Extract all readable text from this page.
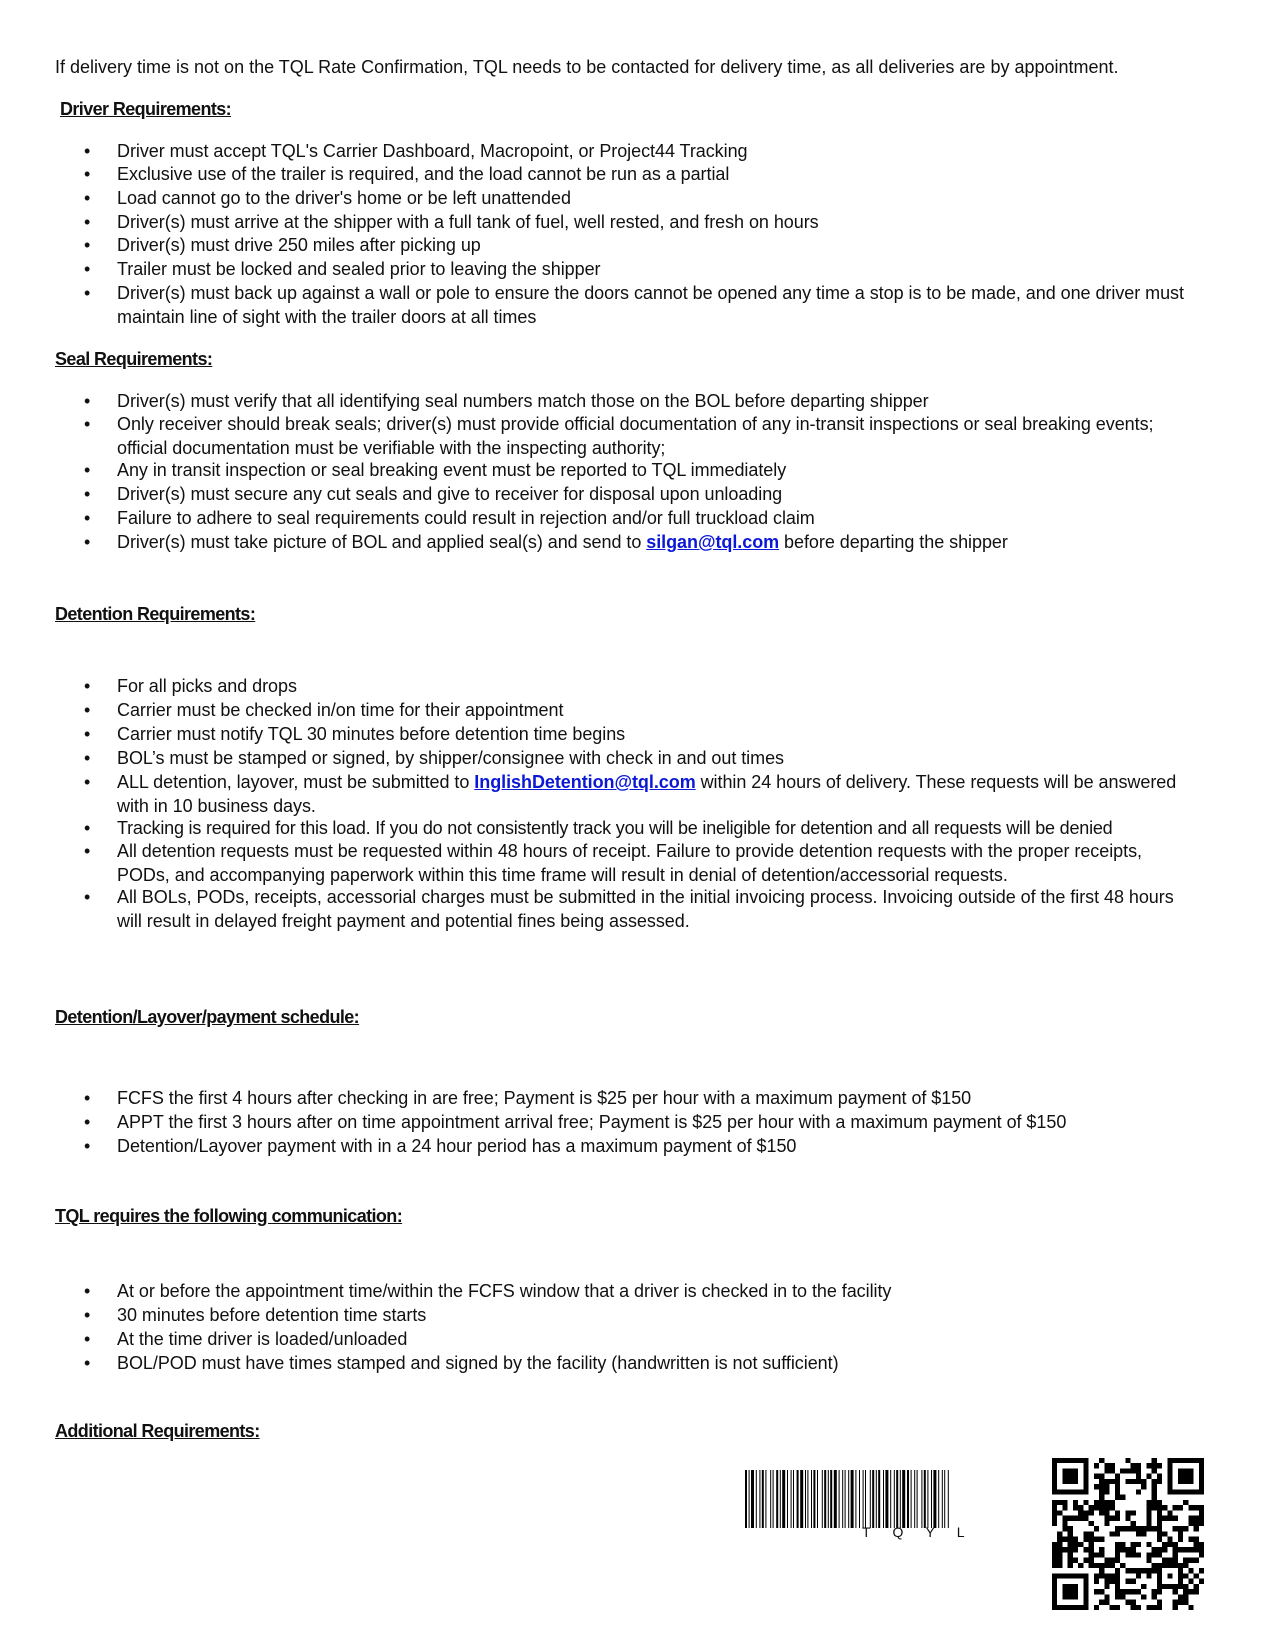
If delivery time is not on the TQL Rate Confirmation, TQL needs to be contacted for delivery time, as all deliveries are by appointment.
Driver Requirements:
• Driver must accept TQL's Carrier Dashboard, Macropoint, or Project44 Tracking
• Exclusive use of the trailer is required, and the load cannot be run as a partial
• Load cannot go to the driver's home or be left unattended
• Driver(s) must arrive at the shipper with a full tank of fuel, well rested, and fresh on hours
• Driver(s) must drive 250 miles after picking up
• Trailer must be locked and sealed prior to leaving the shipper
• Driver(s) must back up against a wall or pole to ensure the doors cannot be opened any time a stop is to be made, and one driver must maintain line of sight with the trailer doors at all times
Seal Requirements:
• Driver(s) must verify that all identifying seal numbers match those on the BOL before departing shipper
• Only receiver should break seals; driver(s) must provide official documentation of any in-transit inspections or seal breaking events; official documentation must be verifiable with the inspecting authority;
• Any in transit inspection or seal breaking event must be reported to TQL immediately
• Driver(s) must secure any cut seals and give to receiver for disposal upon unloading
• Failure to adhere to seal requirements could result in rejection and/or full truckload claim
• Driver(s) must take picture of BOL and applied seal(s) and send to silgan@tql.com before departing the shipper
Detention Requirements:
• For all picks and drops
• Carrier must be checked in/on time for their appointment
• Carrier must notify TQL 30 minutes before detention time begins
• BOL’s must be stamped or signed, by shipper/consignee with check in and out times
• ALL detention, layover, must be submitted to InglishDetention@tql.com within 24 hours of delivery. These requests will be answered with in 10 business days.
• Tracking is required for this load. If you do not consistently track you will be ineligible for detention and all requests will be denied
• All detention requests must be requested within 48 hours of receipt. Failure to provide detention requests with the proper receipts, PODs, and accompanying paperwork within this time frame will result in denial of detention/accessorial requests.
• All BOLs, PODs, receipts, accessorial charges must be submitted in the initial invoicing process. Invoicing outside of the first 48 hours will result in delayed freight payment and potential fines being assessed.
Detention/Layover/payment schedule:
• FCFS the first 4 hours after checking in are free; Payment is $25 per hour with a maximum payment of $150
• APPT the first 3 hours after on time appointment arrival free; Payment is $25 per hour with a maximum payment of $150
• Detention/Layover payment with in a 24 hour period has a maximum payment of $150
TQL requires the following communication:
• At or before the appointment time/within the FCFS window that a driver is checked in to the facility
• 30 minutes before detention time starts
• At the time driver is loaded/unloaded
• BOL/POD must have times stamped and signed by the facility (handwritten is not sufficient)
Additional Requirements:
TQYL
